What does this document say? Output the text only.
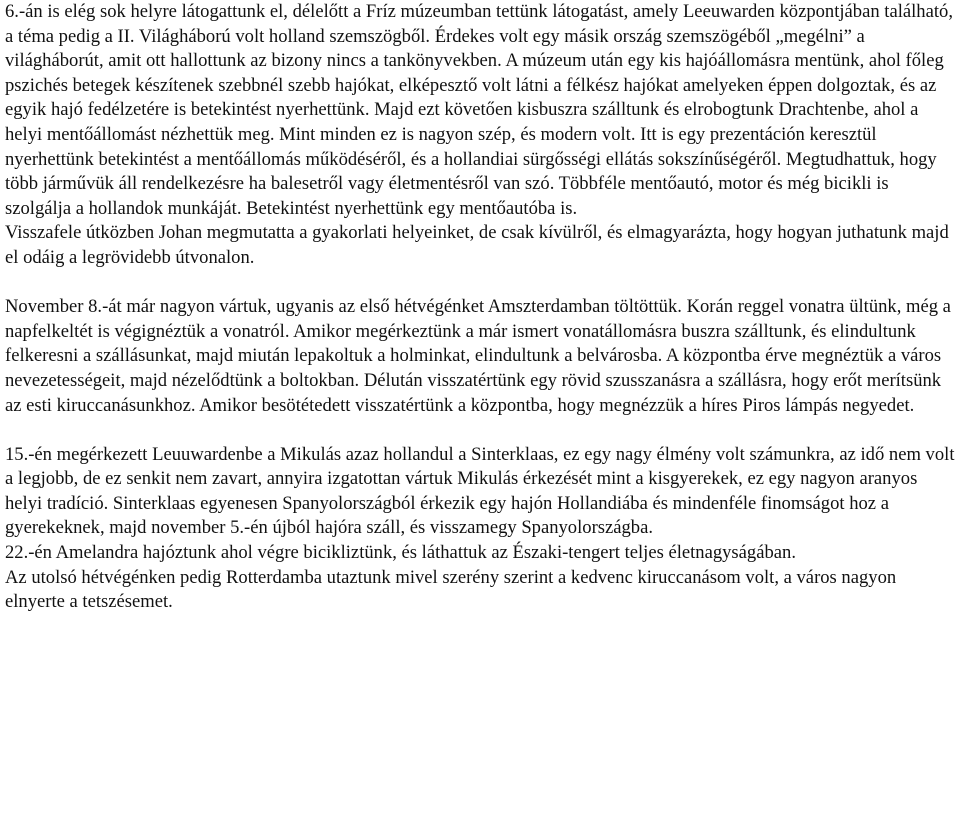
6.-án is elég sok helyre látogattunk el, délelőtt a Fríz múzeumban tettünk látogatást, amely Leeuwarden központjában található, a téma pedig a II. Világháború volt holland szemszögből. Érdekes volt egy másik ország szemszögéből „megélni” a világháborút, amit ott hallottunk az bizony nincs a tankönyvekben. A múzeum után egy kis hajóállomásra mentünk, ahol főleg pszichés betegek készítenek szebbnél szebb hajókat, elképesztő volt látni a félkész hajókat amelyeken éppen dolgoztak, és az egyik hajó fedélzetére is betekintést nyerhettünk. Majd ezt követően kisbuszra szálltunk és elrobogtunk Drachtenbe, ahol a helyi mentőállomást nézhettük meg. Mint minden ez is nagyon szép, és modern volt. Itt is egy prezentáción keresztül nyerhettünk betekintést a mentőállomás működéséről, és a hollandiai sürgősségi ellátás sokszínűségéről. Megtudhattuk, hogy több járművük áll rendelkezésre ha balesetről vagy életmentésről van szó. Többféle mentőautó, motor és még bicikli is szolgálja a hollandok munkáját. Betekintést nyerhettünk egy mentőautóba is.

Visszafele útközben Johan megmutatta a gyakorlati helyeinket, de csak kívülről, és elmagyarázta, hogy hogyan juthatunk majd el odáig a legrövidebb útvonalon.

November 8.-át már nagyon vártuk, ugyanis az első hétvégénket Amszterdamban töltöttük. Korán reggel vonatra ültünk, még a napfelkeltét is végignéztük a vonatról. Amikor megérkeztünk a már ismert vonatállomásra buszra szálltunk, és elindultunk felkeresni a szállásunkat, majd miután lepakoltuk a holminkat, elindultunk a belvárosba. A központba érve megnéztük a város nevezetességeit, majd nézelődtünk a boltokban. Délután visszatértünk egy rövid szusszanásra a szállásra, hogy erőt merítsünk az esti kiruccanásunkhoz. Amikor besötétedett visszatértünk a központba, hogy megnézzük a híres Piros lámpás negyedet.

15.-én megérkezett Leuuwardenbe a Mikulás azaz hollandul a Sinterklaas, ez egy nagy élmény volt számunkra, az idő nem volt a legjobb, de ez senkit nem zavart, annyira izgatottan vártuk Mikulás érkezését mint a kisgyerekek, ez egy nagyon aranyos helyi tradíció. Sinterklaas egyenesen Spanyolországból érkezik egy hajón Hollandiába és mindenféle finomságot hoz a gyerekeknek, majd november 5.-én újból hajóra száll, és visszamegy Spanyolországba.

22.-én Amelandra hajóztunk ahol végre bicikliztünk, és láthattuk az Északi-tengert teljes életnagyságában.

Az utolsó hétvégénken pedig Rotterdamba utaztunk mivel szerény szerint a kedvenc kiruccanásom volt, a város nagyon elnyerte a tetszésemet.
